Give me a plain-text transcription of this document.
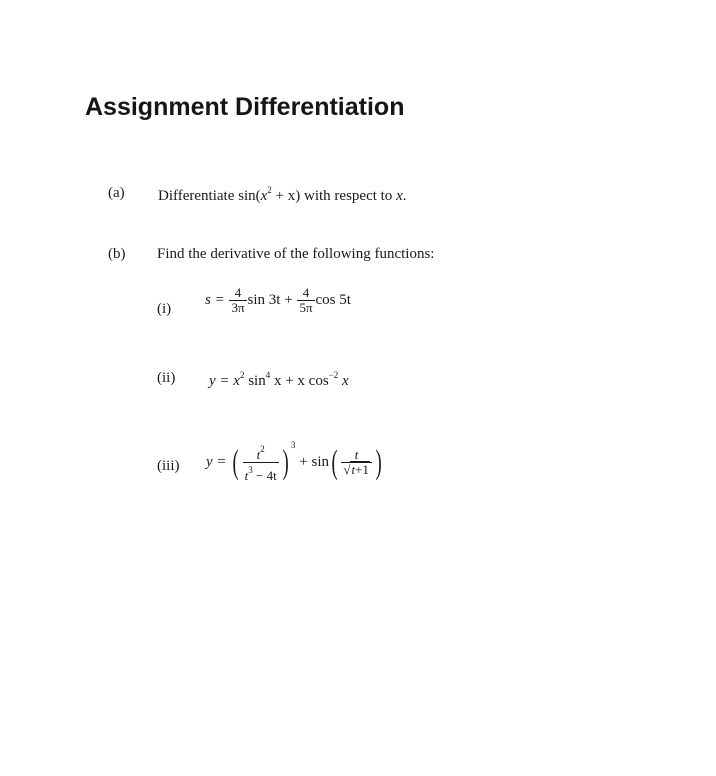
Assignment Differentiation
(a) Differentiate $\sin(x^2 + x)$ with respect to x.
(b) Find the derivative of the following functions:
(i)
$s = \frac{4}{3\pi}$ $\sin 3t + \frac{4}{5\pi}$ cos 5t
(ii) $y = x^2$ $\sin^4 x + x$ $\cos^{-2} x$
(iii) y = ( $\frac{t^2}{t^3 - 4t}$ ) $^3 + \sin( \frac{t}{√t+1}$ )
